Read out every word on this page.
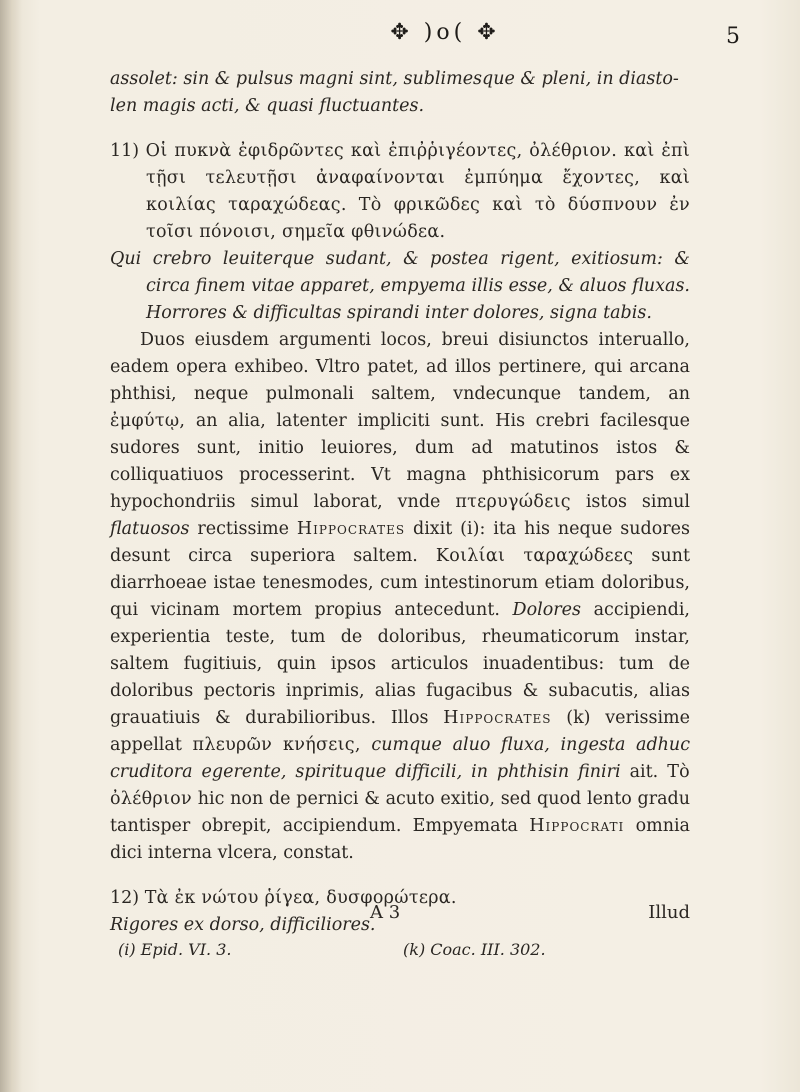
✥ )o( ✥	5

assolet: sin & pulsus magni sint, sublimesque & pleni, in diasto-

len magis acti, & quasi fluctuantes.

11) Οἱ πυκνὰ ἐφιδρῶντες καὶ ἐπιῤῥιγέοντες, ὀλέθριον. καὶ ἐπὶ τῇσι τελευτῇσι ἀναφαίνονται ἐμπύημα ἔχοντες, καὶ κοιλίας ταραχώδεας. Τὸ φρικῶδες καὶ τὸ δύσπνουν ἐν τοῖσι πόνοισι, σημεῖα φθινώδεα.

Qui crebro leuiterque sudant, & postea rigent, exitiosum: & circa finem vitae apparet, empyema illis esse, & aluos fluxas. Horrores & difficultas spirandi inter dolores, signa tabis.

Duos eiusdem argumenti locos, breui disiunctos interuallo, eadem opera exhibeo. Vltro patet, ad illos pertinere, qui arcana phthisi, neque pulmonali saltem, vndecunque tandem, an ἐμφύτῳ, an alia, latenter impliciti sunt. His crebri facilesque sudores sunt, initio leuiores, dum ad matutinos istos & colliquatiuos processerint. Vt magna phthisicorum pars ex hypochondriis simul laborat, vnde πτερυγώδεις istos simul flatuosos rectissime Hippocrates dixit (i): ita his neque sudores desunt circa superiora saltem. Κοιλίαι ταραχώδεες sunt diarrhoeae istae tenesmodes, cum intestinorum etiam doloribus, qui vicinam mortem propius antecedunt. Dolores accipiendi, experientia teste, tum de doloribus, rheumaticorum instar, saltem fugitiuis, quin ipsos articulos inuadentibus: tum de doloribus pectoris inprimis, alias fugacibus & subacutis, alias grauatiuis & durabilioribus. Illos Hippocrates (k) verissime appellat πλευρῶν κνήσεις, cumque aluo fluxa, ingesta adhuc cruditora egerente, spirituque difficili, in phthisin finiri ait. Τὸ ὀλέθριον hic non de pernici & acuto exitio, sed quod lento gradu tantisper obrepit, accipiendum. Empyemata Hippocrati omnia dici interna vlcera, constat.

12) Τὰ ἐκ νώτου ῥίγεα, δυσφορώτερα.

Rigores ex dorso, difficiliores.

A 3	Illud
(i) Epid. VI. 3.	(k) Coac. III. 302.
